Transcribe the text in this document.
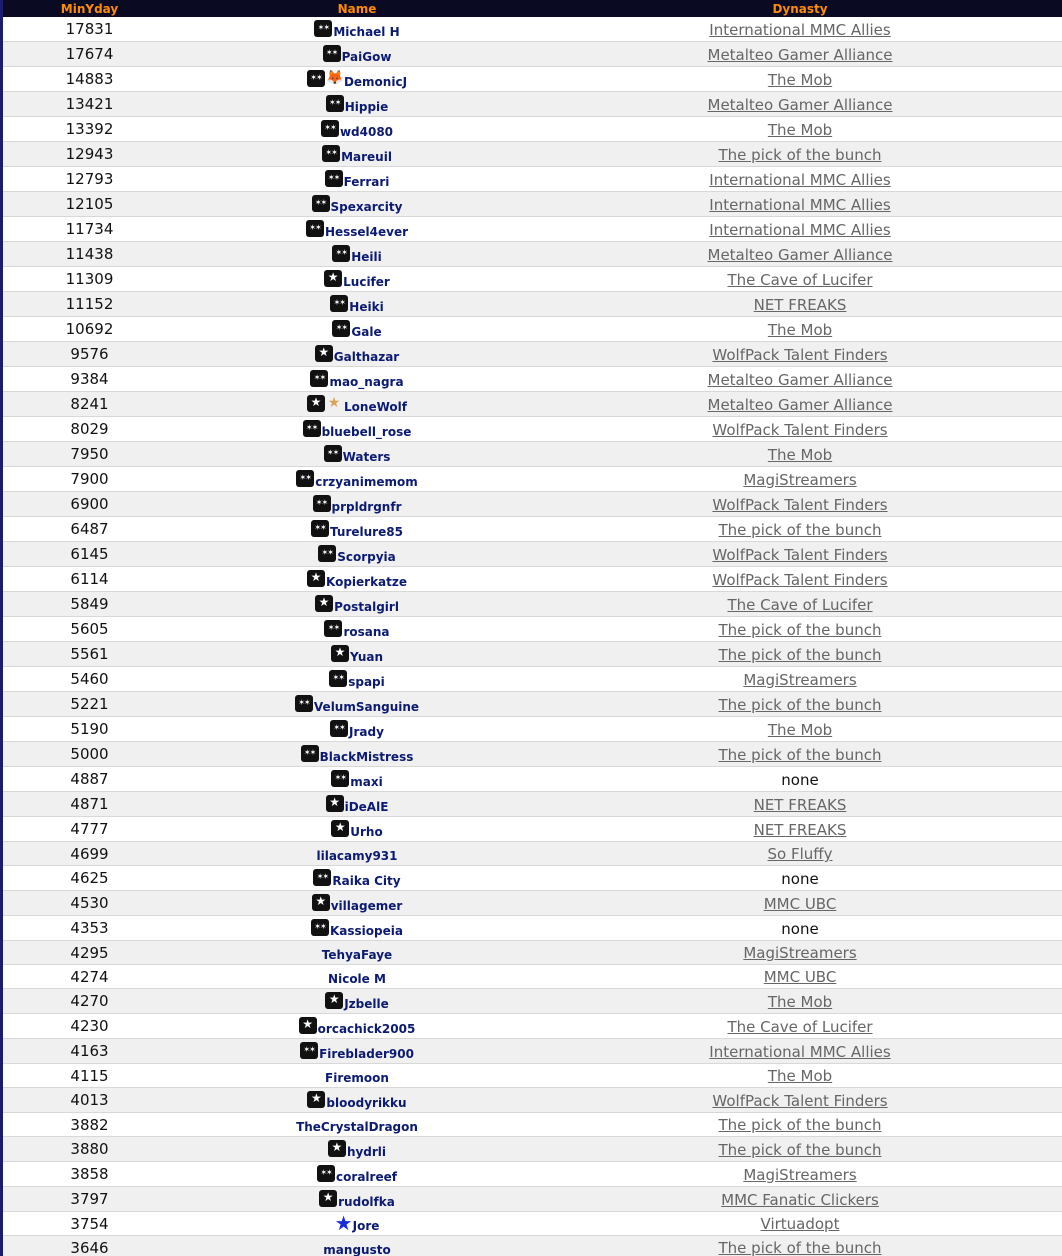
MinYday	Name	Dynasty
17831 ✶✶	Michael H	International MMC Allies
17674 ✶✶	PaiGow	Metalteo Gamer Alliance
14883 ✶✶	🦊 DemonicJ	The Mob
13421 ✶✶	Hippie	Metalteo Gamer Alliance
13392 ✶✶	wd4080	The Mob
12943 ✶✶	Mareuil	The pick of the bunch
12793 ✶✶	Ferrari	International MMC Allies
12105 ✶✶	Spexarcity	International MMC Allies
11734 ✶✶	Hessel4ever	International MMC Allies
11438 ✶✶	Heili	Metalteo Gamer Alliance
11309 ★	Lucifer	The Cave of Lucifer
11152 ✶✶	Heiki	NET FREAKS
10692 ✶✶	Gale	The Mob
9576 ★	Galthazar	WolfPack Talent Finders
9384 ✶✶	mao_nagra	Metalteo Gamer Alliance
8241 ★	★ LoneWolf	Metalteo Gamer Alliance
8029 ✶✶	bluebell_rose	WolfPack Talent Finders
7950 ✶✶	Waters	The Mob
7900 ✶✶	crzyanimemom	MagiStreamers
6900 ✶✶	prpldrgnfr	WolfPack Talent Finders
6487 ✶✶	Turelure85	The pick of the bunch
6145 ✶✶	Scorpyia	WolfPack Talent Finders
6114 ★	Kopierkatze	WolfPack Talent Finders
5849 ★	Postalgirl	The Cave of Lucifer
5605 ✶✶	rosana	The pick of the bunch
5561 ★	Yuan	The pick of the bunch
5460 ✶✶	spapi	MagiStreamers
5221 ✶✶	VelumSanguine	The pick of the bunch
5190 ✶✶	Jrady	The Mob
5000 ✶✶	BlackMistress	The pick of the bunch
4887 ✶✶	maxi	none
4871 ★	iDeAlE	NET FREAKS
4777 ★	Urho	NET FREAKS
4699	lilacamy931	So Fluffy
4625 ✶✶	Raika City	none
4530 ★	villagemer	MMC UBC
4353 ✶✶	Kassiopeia	none
4295	TehyaFaye	MagiStreamers
4274	Nicole M	MMC UBC
4270 ★	Jzbelle	The Mob
4230 ★	orcachick2005	The Cave of Lucifer
4163 ✶✶	Fireblader900	International MMC Allies
4115	Firemoon	The Mob
4013 ★	bloodyrikku	WolfPack Talent Finders
3882	TheCrystalDragon	The pick of the bunch
3880 ★	hydrli	The pick of the bunch
3858 ✶✶	coralreef	MagiStreamers
3797 ★	rudolfka	MMC Fanatic Clickers
3754	★ Jore	Virtuadopt
3646	mangusto	The pick of the bunch
